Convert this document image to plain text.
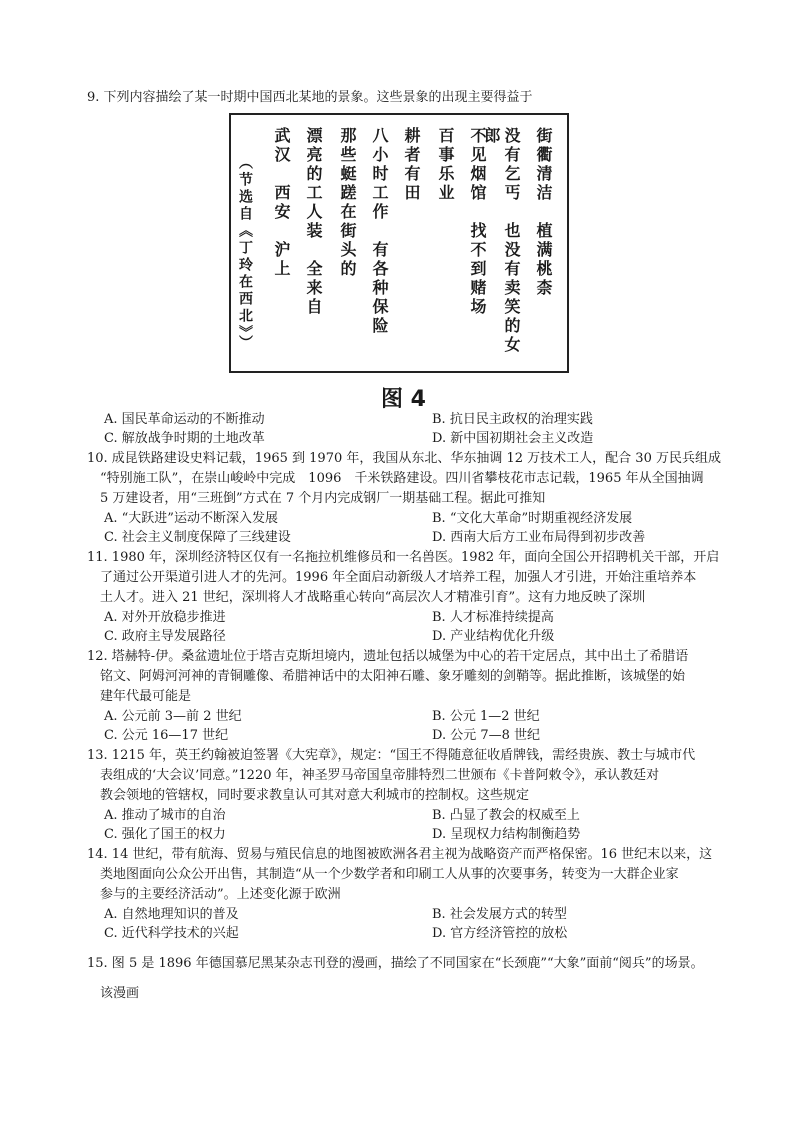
9. 下列内容描绘了某一时期中国西北某地的景象。这些景象的出现主要得益于
街衢清洁　植满桃柰
没有乞丐　也没有卖笑的女郎
不见烟馆　找不到赌场
百事乐业
耕者有田
八小时工作　有各种保险
那些蜓蹉在街头的
漂亮的工人装　全来自
武汉　西安　沪上
（节选自《丁玲在西北》）
图 4
A. 国民革命运动的不断推动	B. 抗日民主政权的治理实践
C. 解放战争时期的土地改革	D. 新中国初期社会主义改造
10. 成昆铁路建设史料记载，1965 到 1970 年，我国从东北、华东抽调 12 万技术工人，配合 30 万民兵组成
“特别施工队”，在崇山峻岭中完成　1096　千米铁路建设。四川省攀枝花市志记载，1965 年从全国抽调
5 万建设者，用“三班倒”方式在 7 个月内完成钢厂一期基础工程。据此可推知
A. “大跃进”运动不断深入发展	B. “文化大革命”时期重视经济发展
C. 社会主义制度保障了三线建设	D. 西南大后方工业布局得到初步改善
11. 1980 年，深圳经济特区仅有一名拖拉机维修员和一名兽医。1982 年，面向全国公开招聘机关干部，开启
了通过公开渠道引进人才的先河。1996 年全面启动新级人才培养工程，加强人才引进，开始注重培养本
土人才。进入 21 世纪，深圳将人才战略重心转向“高层次人才精准引育”。这有力地反映了深圳
A. 对外开放稳步推进	B. 人才标准持续提高
C. 政府主导发展路径	D. 产业结构优化升级
12. 塔赫特-伊。桑盆遗址位于塔吉克斯坦境内，遗址包括以城堡为中心的若干定居点，其中出土了希腊语
铭文、阿姆河河神的青铜雕像、希腊神话中的太阳神石雕、象牙雕刻的剑鞘等。据此推断，该城堡的始
建年代最可能是
A. 公元前 3—前 2 世纪	B. 公元 1—2 世纪
C. 公元 16—17 世纪	D. 公元 7—8 世纪
13. 1215 年，英王约翰被迫签署《大宪章》，规定：“国王不得随意征收盾牌钱，需经贵族、教士与城市代
表组成的‘大会议’同意。”1220 年，神圣罗马帝国皇帝腓特烈二世颁布《卡普阿敕令》，承认教廷对
教会领地的管辖权，同时要求教皇认可其对意大利城市的控制权。这些规定
A. 推动了城市的自治	B. 凸显了教会的权威至上
C. 强化了国王的权力	D. 呈现权力结构制衡趋势
14. 14 世纪，带有航海、贸易与殖民信息的地图被欧洲各君主视为战略资产而严格保密。16 世纪末以来，这
类地图面向公众公开出售，其制造“从一个少数学者和印刷工人从事的次要事务，转变为一大群企业家
参与的主要经济活动”。上述变化源于欧洲
A. 自然地理知识的普及	B. 社会发展方式的转型
C. 近代科学技术的兴起	D. 官方经济管控的放松
15. 图 5 是 1896 年德国慕尼黑某杂志刊登的漫画，描绘了不同国家在“长颈鹿”“大象”面前“阅兵”的场景。
该漫画
